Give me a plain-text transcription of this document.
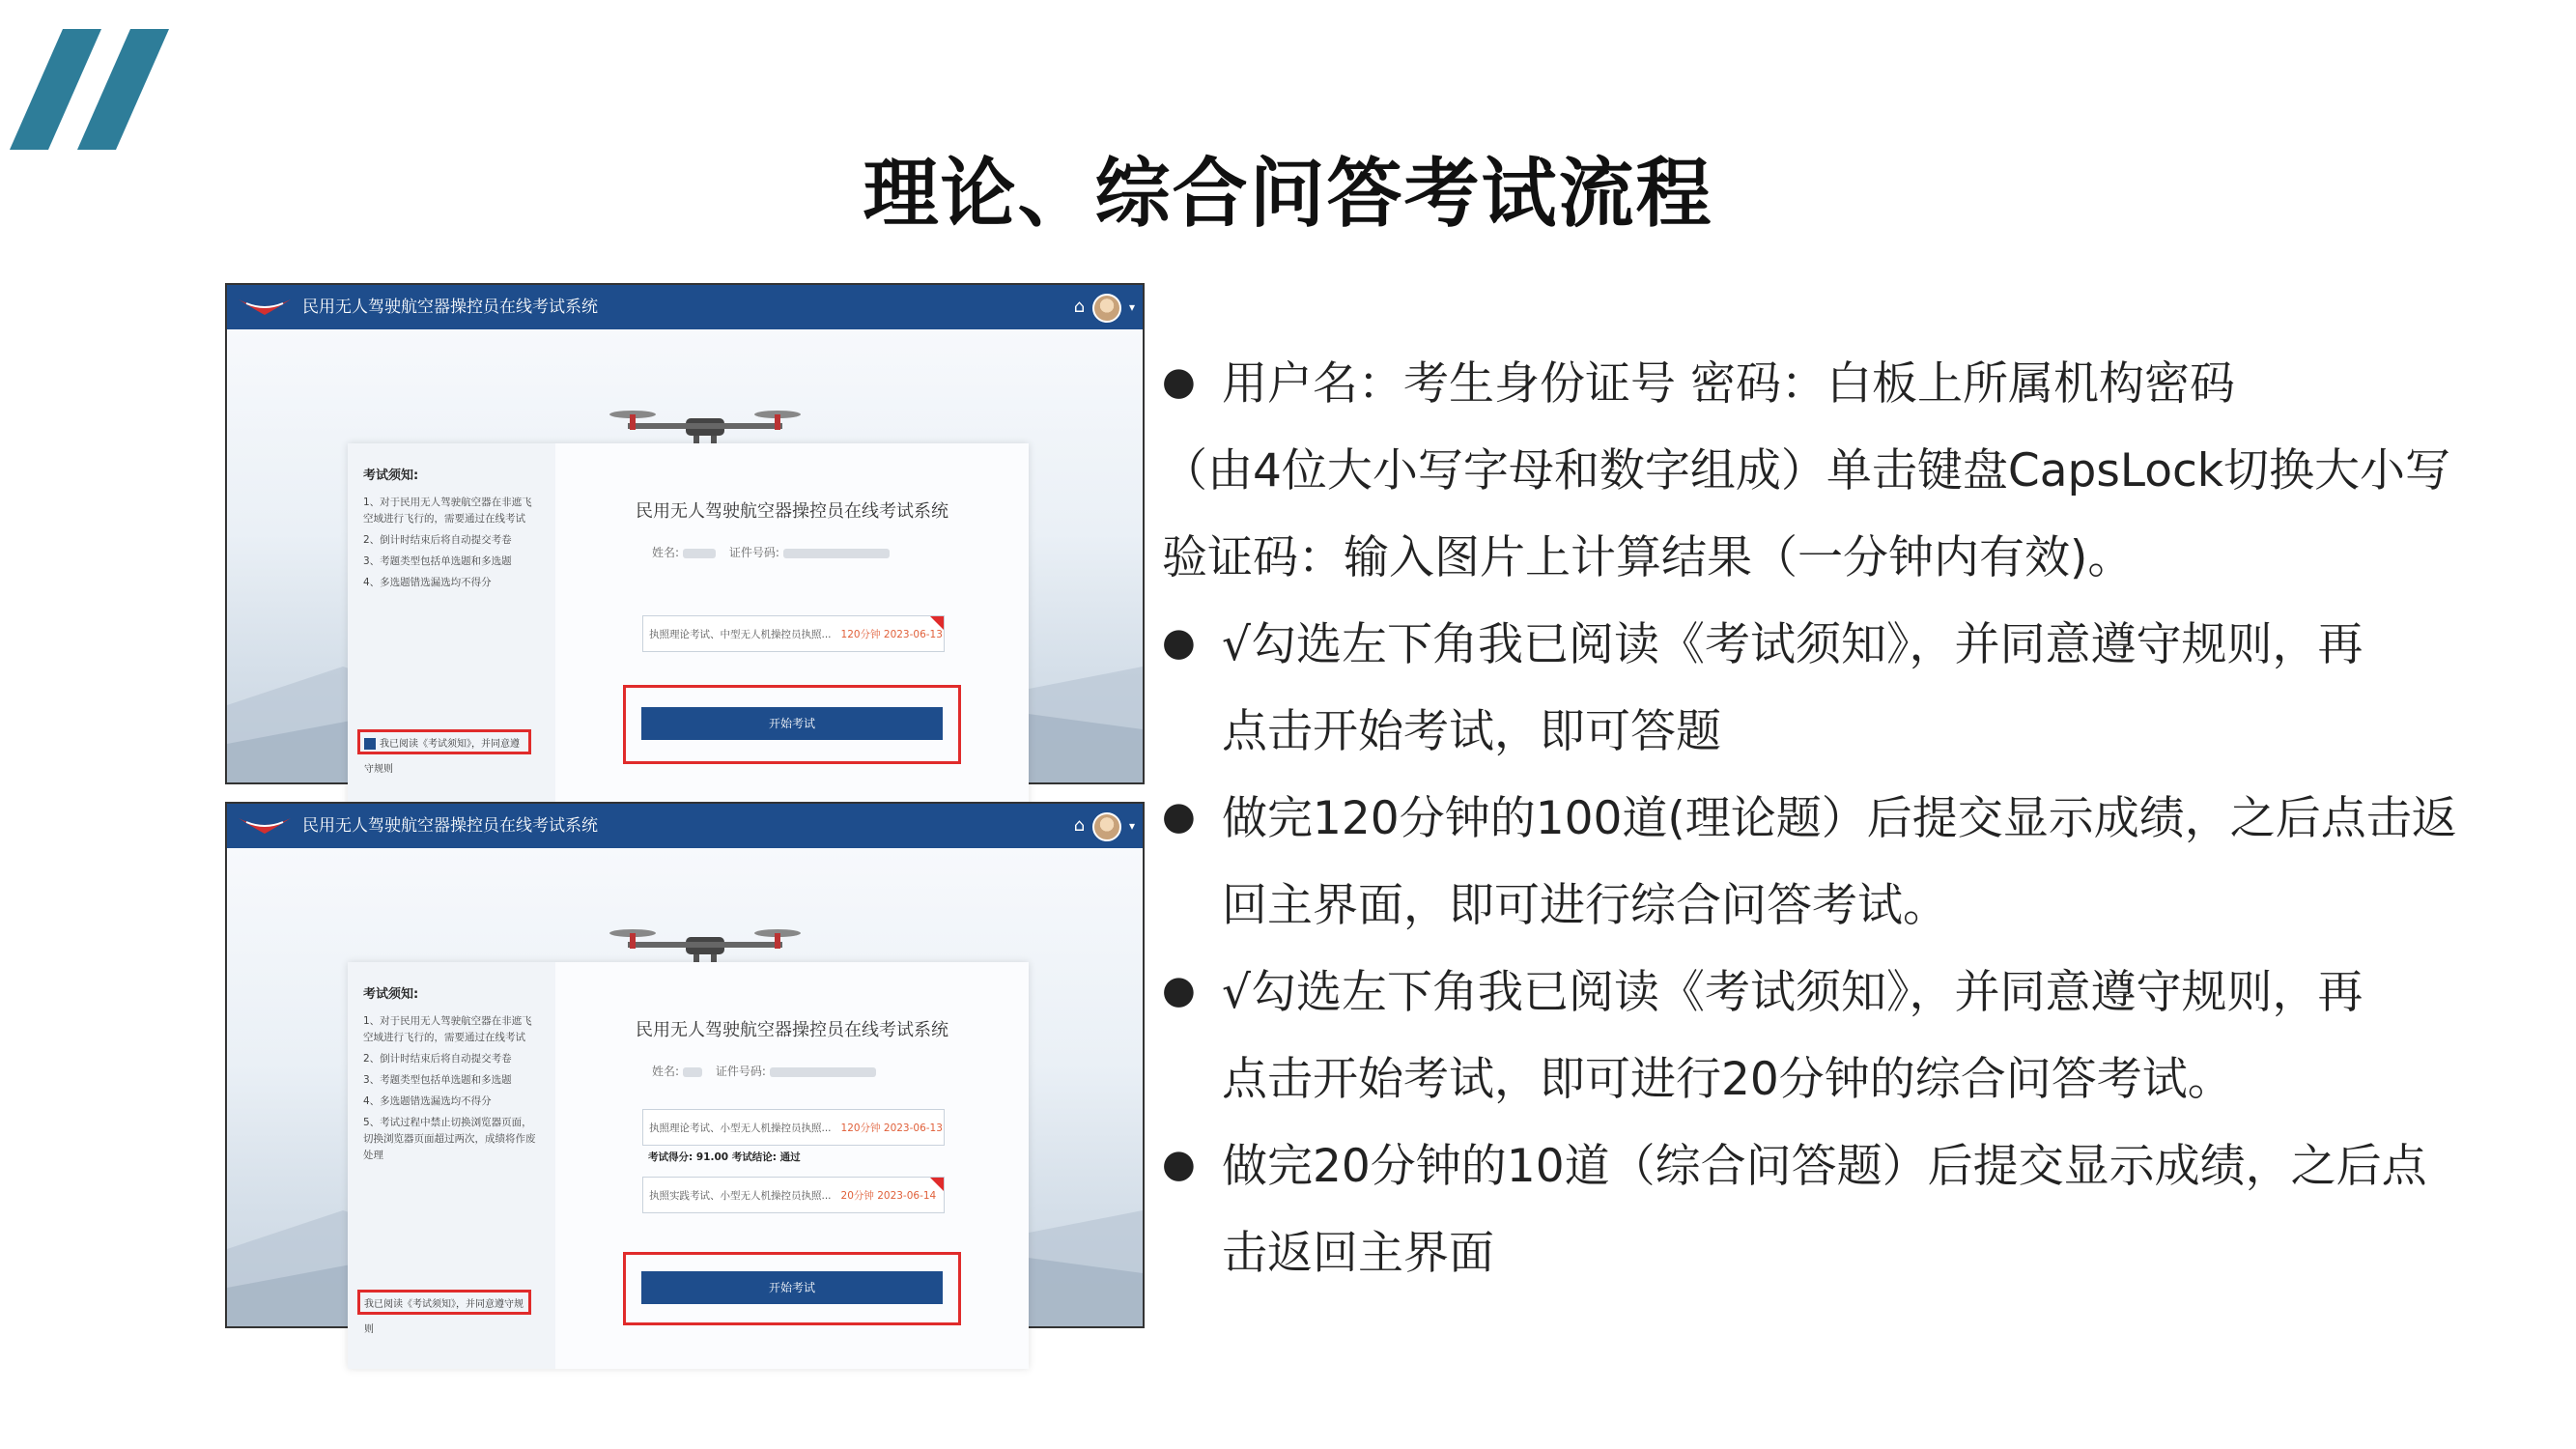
理论、综合问答考试流程
考试须知:
1、对于民用无人驾驶航空器在非遮飞空域进行飞行的，需要通过在线考试
2、倒计时结束后将自动提交考卷
3、考题类型包括单选题和多选题
4、多选题错选漏选均不得分
我已阅读《考试须知》，并同意遵守规则
民用无人驾驶航空器操控员在线考试系统
姓名:	证件号码:
执照理论考试、中型无人机操控员执照... 120分钟 2023-06-13
开始考试
民用无人驾驶航空器操控员在线考试系统	⌂	▾
考试须知:
1、对于民用无人驾驶航空器在非遮飞空域进行飞行的，需要通过在线考试
2、倒计时结束后将自动提交考卷
3、考题类型包括单选题和多选题
4、多选题错选漏选均不得分
5、考试过程中禁止切换浏览器页面，切换浏览器页面超过两次，成绩将作废处理
我已阅读《考试须知》，并同意遵守规则
民用无人驾驶航空器操控员在线考试系统
姓名:	证件号码:
执照理论考试、小型无人机操控员执照... 120分钟 2023-06-13
考试得分: 91.00 考试结论: 通过
执照实践考试、小型无人机操控员执照... 20分钟 2023-06-14
开始考试
民用无人驾驶航空器操控员在线考试系统	⌂	▾
● 用户名：考生身份证号 密码：白板上所属机构密码
（由4位大小写字母和数字组成）单击键盘CapsLock切换大小写
验证码：输入图片上计算结果（一分钟内有效)。
● √勾选左下角我已阅读《考试须知》，并同意遵守规则，再
点击开始考试，即可答题
● 做完120分钟的100道(理论题）后提交显示成绩，之后点击返
回主界面，即可进行综合问答考试。
● √勾选左下角我已阅读《考试须知》，并同意遵守规则，再
点击开始考试，即可进行20分钟的综合问答考试。
● 做完20分钟的10道（综合问答题）后提交显示成绩，之后点
击返回主界面
